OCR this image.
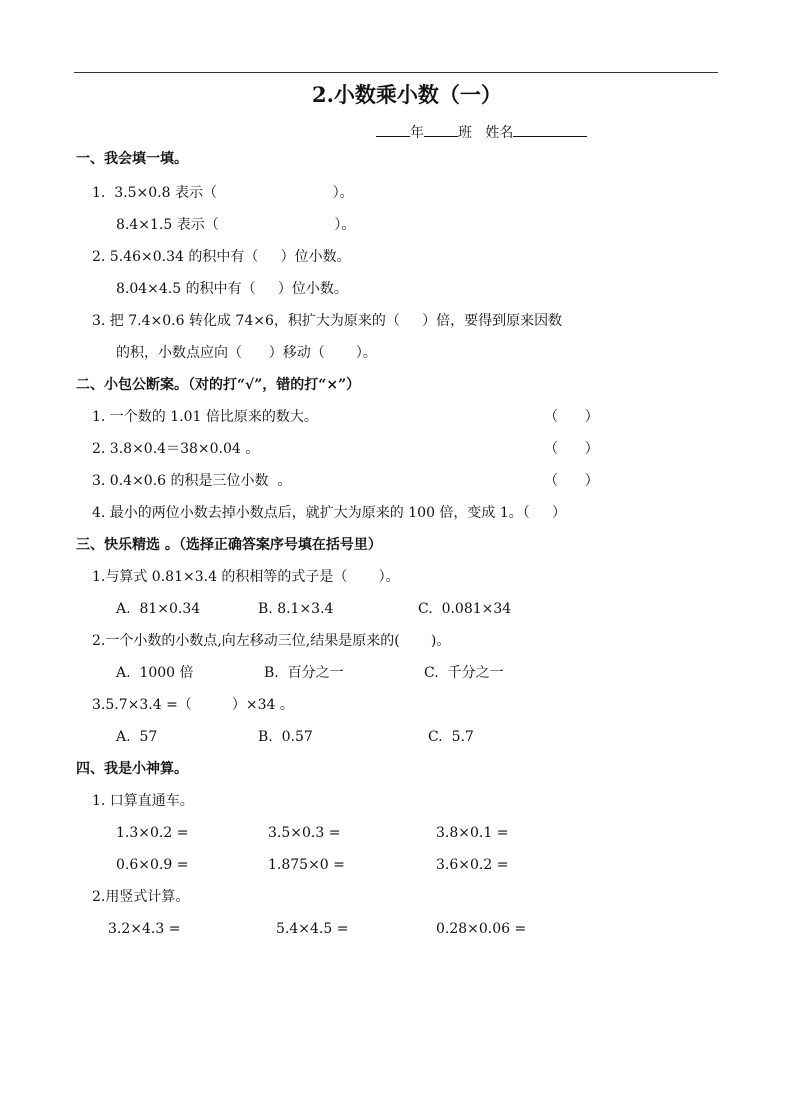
2.小数乘小数（一）
年 班 姓名
一、我会填一填。
1.  3.5×0.8 表示（                          ）。
8.4×1.5 表示（                          ）。
2. 5.46×0.34 的积中有（     ）位小数。
8.04×4.5 的积中有（     ）位小数。
3. 把 7.4×0.6 转化成 74×6，积扩大为原来的（     ）倍，要得到原来因数
的积，小数点应向（      ）移动（       ）。
二、小包公断案。（对的打“√”，错的打“×”）
1. 一个数的 1.01 倍比原来的数大。	（      ）
2. 3.8×0.4＝38×0.04 。	（      ）
3. 0.4×0.6 的积是三位小数  。	（      ）
4. 最小的两位小数去掉小数点后，就扩大为原来的 100 倍，变成 1。（     ）
三、快乐精选 。（选择正确答案序号填在括号里）
1.与算式 0.81×3.4 的积相等的式子是（       ）。
A.  81×0.34	B. 8.1×3.4	C.  0.081×34
2.一个小数的小数点,向左移动三位,结果是原来的(       )。
A.  1000 倍	B.  百分之一	C.  千分之一
3.5.7×3.4 =（         ）×34 。
A.  57	B.  0.57	C.  5.7
四、我是小神算。
1. 口算直通车。
1.3×0.2 =	3.5×0.3 =	3.8×0.1 =
0.6×0.9 =	1.875×0 =	3.6×0.2 =
2.用竖式计算。
3.2×4.3 =	5.4×4.5 =	0.28×0.06 =
